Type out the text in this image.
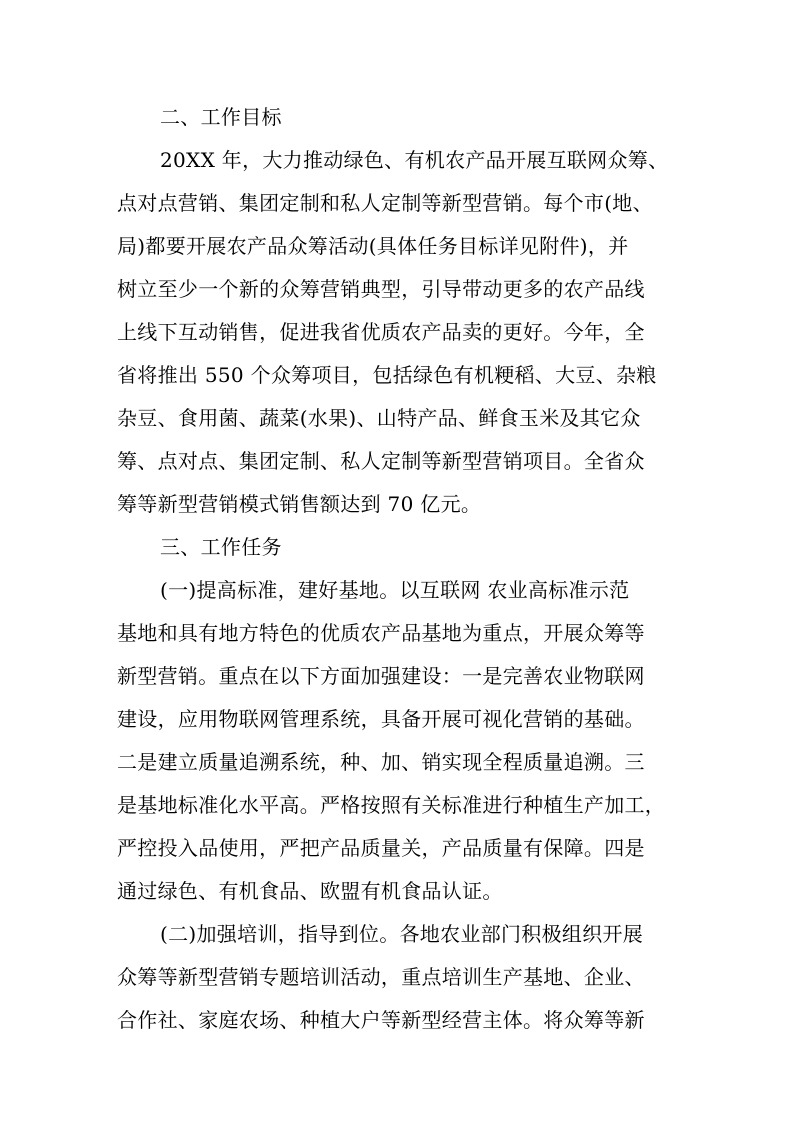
二、工作目标
20XX 年，大力推动绿色、有机农产品开展互联网众筹、
点对点营销、集团定制和私人定制等新型营销。每个市(地、
局)都要开展农产品众筹活动(具体任务目标详见附件)，并
树立至少一个新的众筹营销典型，引导带动更多的农产品线
上线下互动销售，促进我省优质农产品卖的更好。今年，全
省将推出 550 个众筹项目，包括绿色有机粳稻、大豆、杂粮
杂豆、食用菌、蔬菜(水果)、山特产品、鲜食玉米及其它众
筹、点对点、集团定制、私人定制等新型营销项目。全省众
筹等新型营销模式销售额达到 70 亿元。
三、工作任务
(一)提高标准，建好基地。以互联网 农业高标准示范
基地和具有地方特色的优质农产品基地为重点，开展众筹等
新型营销。重点在以下方面加强建设：一是完善农业物联网
建设，应用物联网管理系统，具备开展可视化营销的基础。
二是建立质量追溯系统，种、加、销实现全程质量追溯。三
是基地标准化水平高。严格按照有关标准进行种植生产加工，
严控投入品使用，严把产品质量关，产品质量有保障。四是
通过绿色、有机食品、欧盟有机食品认证。
(二)加强培训，指导到位。各地农业部门积极组织开展
众筹等新型营销专题培训活动，重点培训生产基地、企业、
合作社、家庭农场、种植大户等新型经营主体。将众筹等新
